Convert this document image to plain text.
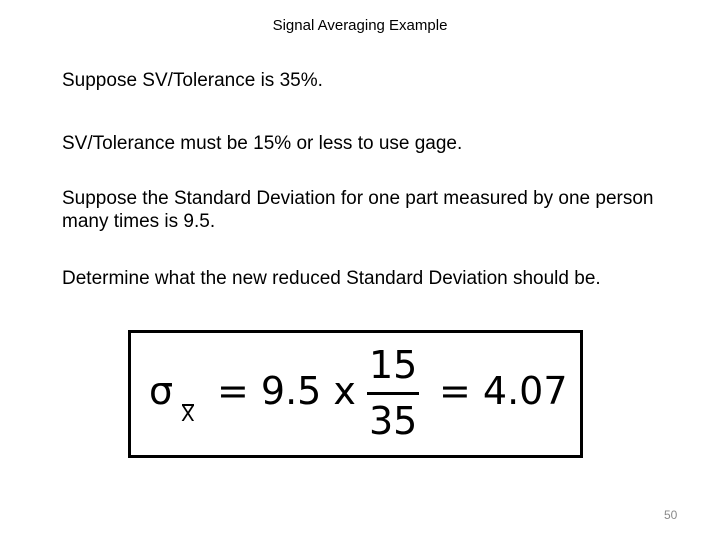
Signal Averaging Example

Suppose SV/Tolerance is 35%.

SV/Tolerance must be 15% or less to use gage.

Suppose the Standard Deviation for one part measured by one person many times is 9.5.

Determine what the new reduced Standard Deviation should be.

σ
X
= 9.5 x
15
35
= 4.07
50
